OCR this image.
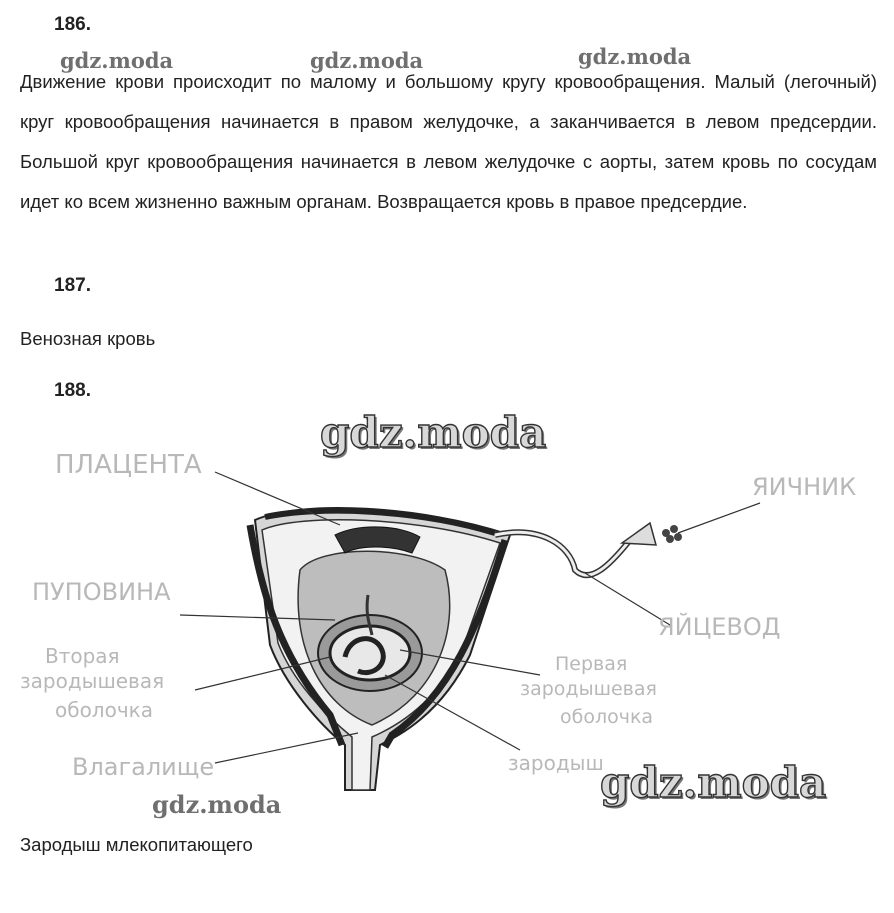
186.

Движение крови происходит по малому и большому кругу кровообращения. Малый (легочный) круг кровообращения начинается в правом желудочке, а заканчивается в левом предсердии. Большой круг кровообращения начинается в левом желудочке с аорты, затем кровь по сосудам идет ко всем жизненно важным органам. Возвращается кровь в правое предсердие.

gdz.moda	gdz.moda	gdz.moda
187.
Венозная кровь
188.
ПЛАЦЕНТА
ПУПОВИНА
Вторая
зародышевая
оболочка
Влагалище
ЯИЧНИК
ЯЙЦЕВОД
Первая
зародышевая
оболочка
зародыш
gdz.moda
gdz.moda
gdz.moda
Зародыш млекопитающего
